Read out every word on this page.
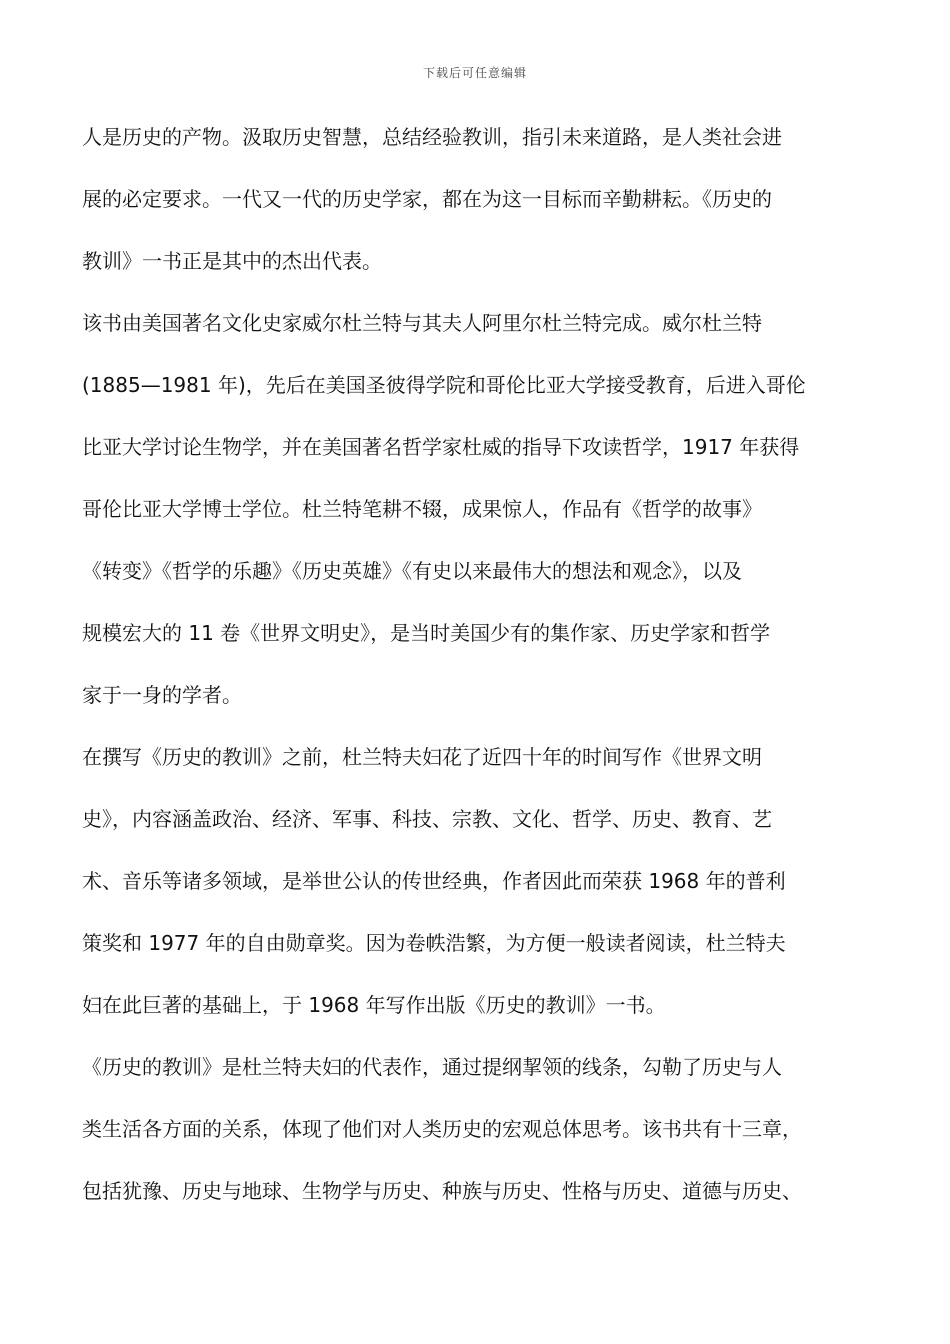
下载后可任意编辑
人是历史的产物。汲取历史智慧，总结经验教训，指引未来道路，是人类社会进
展的必定要求。一代又一代的历史学家，都在为这一目标而辛勤耕耘。《历史的
教训》一书正是其中的杰出代表。
该书由美国著名文化史家威尔杜兰特与其夫人阿里尔杜兰特完成。威尔杜兰特
(1885—1981 年)，先后在美国圣彼得学院和哥伦比亚大学接受教育，后进入哥伦
比亚大学讨论生物学，并在美国著名哲学家杜威的指导下攻读哲学，1917 年获得
哥伦比亚大学博士学位。杜兰特笔耕不辍，成果惊人，作品有《哲学的故事》
《转变》《哲学的乐趣》《历史英雄》《有史以来最伟大的想法和观念》，以及
规模宏大的 11 卷《世界文明史》，是当时美国少有的集作家、历史学家和哲学
家于一身的学者。
在撰写《历史的教训》之前，杜兰特夫妇花了近四十年的时间写作《世界文明
史》，内容涵盖政治、经济、军事、科技、宗教、文化、哲学、历史、教育、艺
术、音乐等诸多领域，是举世公认的传世经典，作者因此而荣获 1968 年的普利
策奖和 1977 年的自由勋章奖。因为卷帙浩繁，为方便一般读者阅读，杜兰特夫
妇在此巨著的基础上，于 1968 年写作出版《历史的教训》一书。
《历史的教训》是杜兰特夫妇的代表作，通过提纲挈领的线条，勾勒了历史与人
类生活各方面的关系，体现了他们对人类历史的宏观总体思考。该书共有十三章，
包括犹豫、历史与地球、生物学与历史、种族与历史、性格与历史、道德与历史、
